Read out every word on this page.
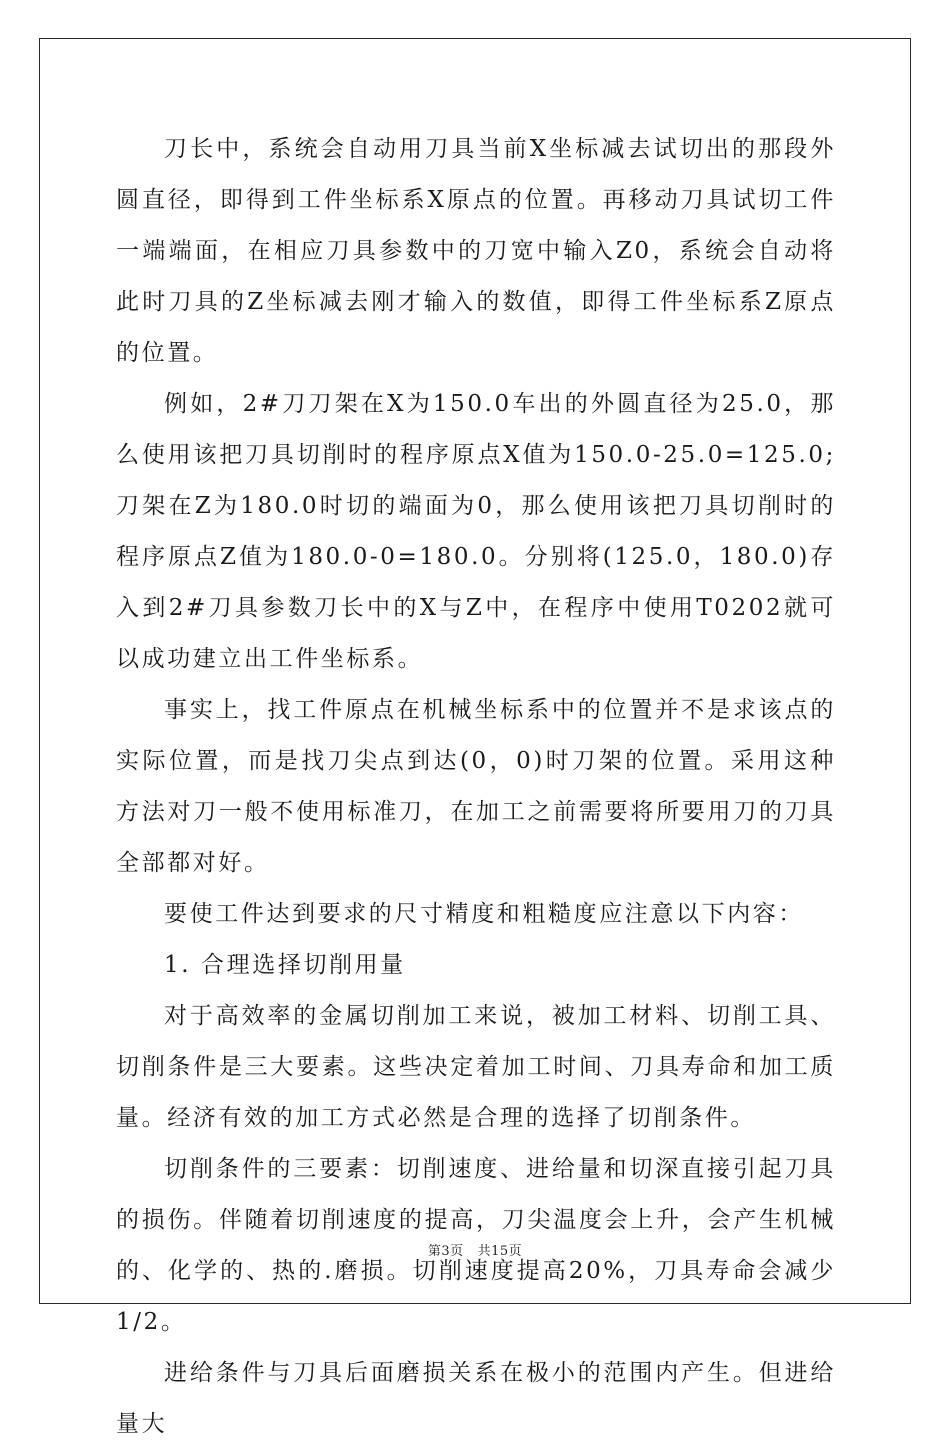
刀长中，系统会自动用刀具当前X坐标减去试切出的那段外圆直径，即得到工件坐标系X原点的位置。再移动刀具试切工件一端端面，在相应刀具参数中的刀宽中输入Z0，系统会自动将此时刀具的Z坐标减去刚才输入的数值，即得工件坐标系Z原点的位置。

例如，2#刀刀架在X为150.0车出的外圆直径为25.0，那么使用该把刀具切削时的程序原点X值为150.0-25.0=125.0;刀架在Z为180.0时切的端面为0，那么使用该把刀具切削时的程序原点Z值为180.0-0=180.0。分别将(125.0，180.0)存入到2#刀具参数刀长中的X与Z中，在程序中使用T0202就可以成功建立出工件坐标系。

事实上，找工件原点在机械坐标系中的位置并不是求该点的实际位置，而是找刀尖点到达(0，0)时刀架的位置。采用这种方法对刀一般不使用标准刀，在加工之前需要将所要用刀的刀具全部都对好。

要使工件达到要求的尺寸精度和粗糙度应注意以下内容：

1. 合理选择切削用量

对于高效率的金属切削加工来说，被加工材料、切削工具、切削条件是三大要素。这些决定着加工时间、刀具寿命和加工质量。经济有效的加工方式必然是合理的选择了切削条件。

切削条件的三要素：切削速度、进给量和切深直接引起刀具的损伤。伴随着切削速度的提高，刀尖温度会上升，会产生机械的、化学的、热的.磨损。切削速度提高20%，刀具寿命会减少1/2。

进给条件与刀具后面磨损关系在极小的范围内产生。但进给量大

第3页 共15页
